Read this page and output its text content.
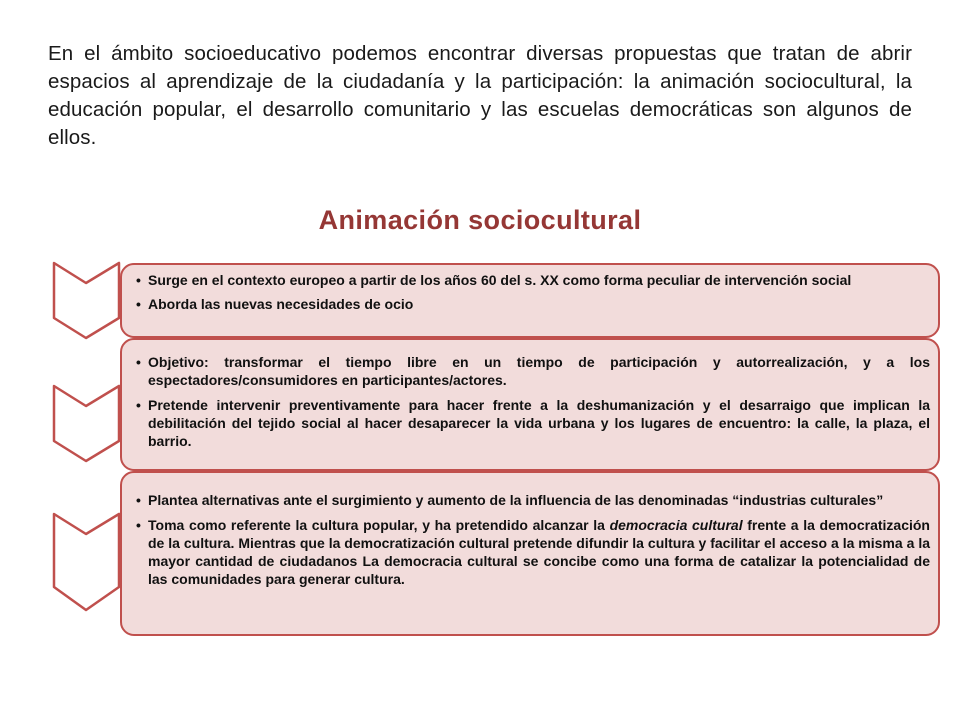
En el ámbito socioeducativo podemos encontrar diversas propuestas que tratan de abrir espacios al aprendizaje de la ciudadanía y la participación: la animación sociocultural, la educación popular, el desarrollo comunitario y las escuelas democráticas son algunos de ellos.
Animación sociocultural
• Surge en el contexto europeo a partir de los años 60 del s. XX como forma peculiar de intervención social
• Aborda las nuevas necesidades de ocio
• Objetivo: transformar el tiempo libre en un tiempo de participación y autorrealización, y a los espectadores/consumidores en participantes/actores.
• Pretende intervenir preventivamente para hacer frente a la deshumanización y el desarraigo que implican la debilitación del tejido social al hacer desaparecer la vida urbana y los lugares de encuentro: la calle, la plaza, el barrio.
• Plantea alternativas ante el surgimiento y aumento de la influencia de las denominadas “industrias culturales”
• Toma como referente la cultura popular, y ha pretendido alcanzar la democracia cultural frente a la democratización de la cultura. Mientras que la democratización cultural pretende difundir la cultura y facilitar el acceso a la misma a la mayor cantidad de ciudadanos La democracia cultural se concibe como una forma de catalizar la potencialidad de las comunidades para generar cultura.
